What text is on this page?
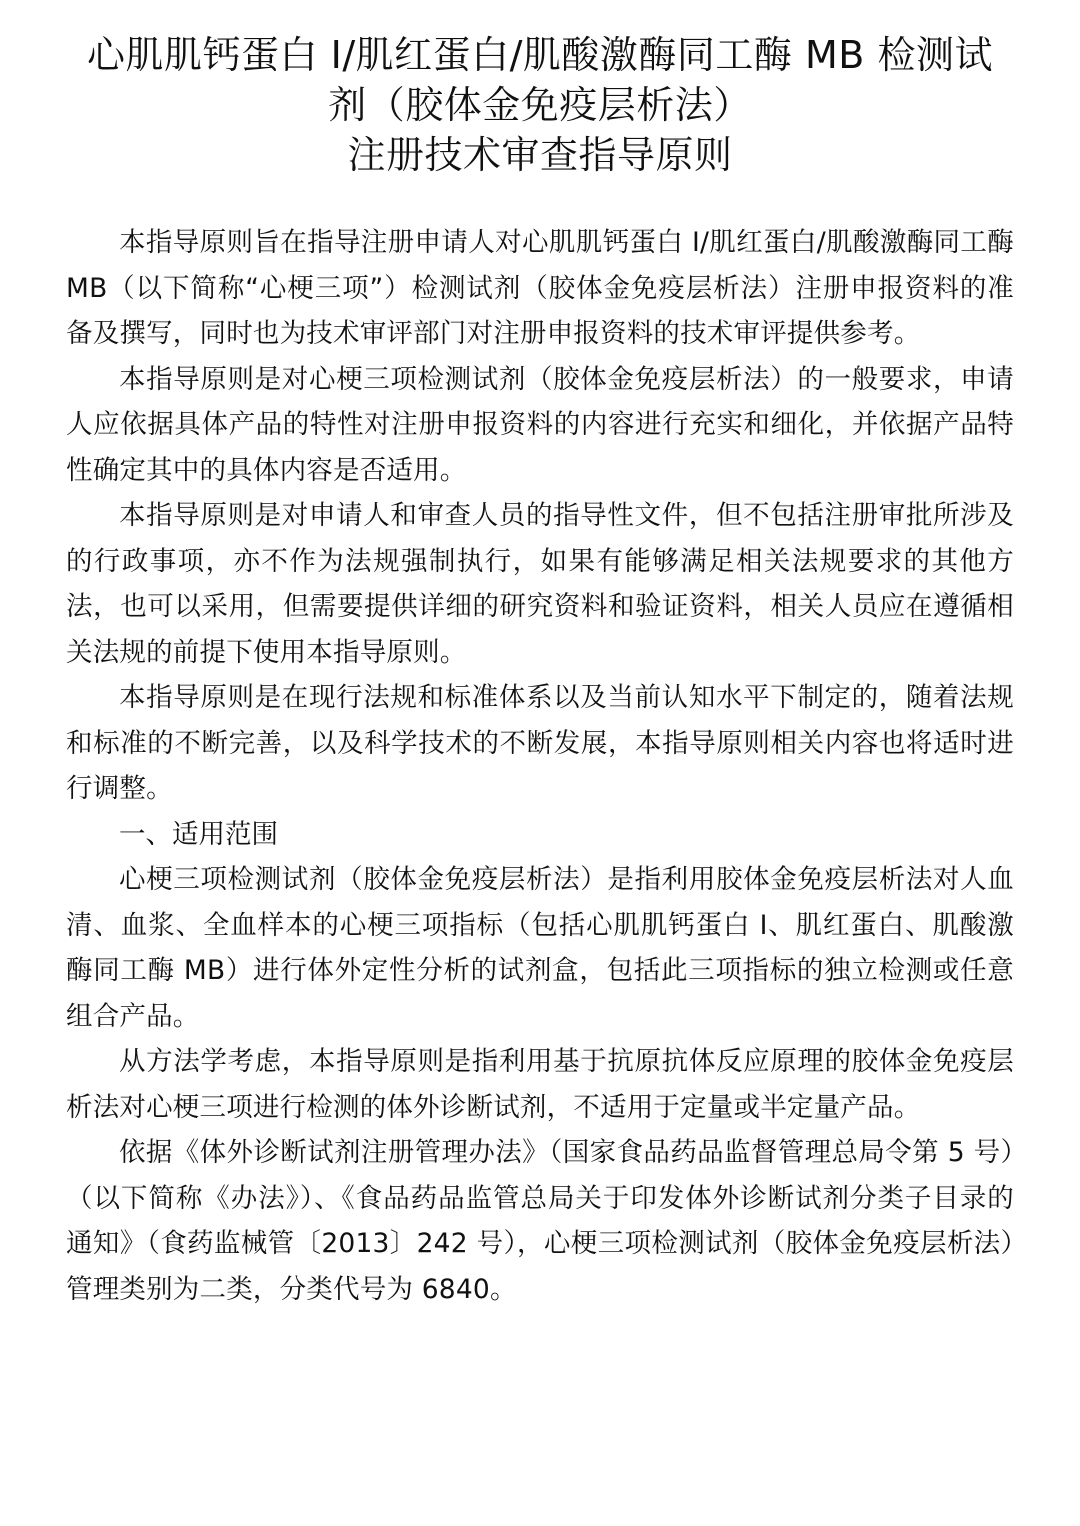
心肌肌钙蛋白 I/肌红蛋白/肌酸激酶同工酶 MB 检测试
剂（胶体金免疫层析法）
注册技术审查指导原则

本指导原则旨在指导注册申请人对心肌肌钙蛋白 I/肌红蛋白/肌酸激酶同工酶 MB（以下简称“心梗三项”）检测试剂（胶体金免疫层析法）注册申报资料的准备及撰写，同时也为技术审评部门对注册申报资料的技术审评提供参考。

本指导原则是对心梗三项检测试剂（胶体金免疫层析法）的一般要求，申请人应依据具体产品的特性对注册申报资料的内容进行充实和细化，并依据产品特性确定其中的具体内容是否适用。

本指导原则是对申请人和审查人员的指导性文件，但不包括注册审批所涉及的行政事项，亦不作为法规强制执行，如果有能够满足相关法规要求的其他方法，也可以采用，但需要提供详细的研究资料和验证资料，相关人员应在遵循相关法规的前提下使用本指导原则。

本指导原则是在现行法规和标准体系以及当前认知水平下制定的，随着法规和标准的不断完善，以及科学技术的不断发展，本指导原则相关内容也将适时进行调整。

一、适用范围

心梗三项检测试剂（胶体金免疫层析法）是指利用胶体金免疫层析法对人血清、血浆、全血样本的心梗三项指标（包括心肌肌钙蛋白 I、肌红蛋白、肌酸激酶同工酶 MB）进行体外定性分析的试剂盒，包括此三项指标的独立检测或任意组合产品。

从方法学考虑，本指导原则是指利用基于抗原抗体反应原理的胶体金免疫层析法对心梗三项进行检测的体外诊断试剂，不适用于定量或半定量产品。

依据《体外诊断试剂注册管理办法》（国家食品药品监督管理总局令第 5 号）（以下简称《办法》）、《食品药品监管总局关于印发体外诊断试剂分类子目录的通知》（食药监械管〔2013〕242 号），心梗三项检测试剂（胶体金免疫层析法）管理类别为二类，分类代号为 6840。
